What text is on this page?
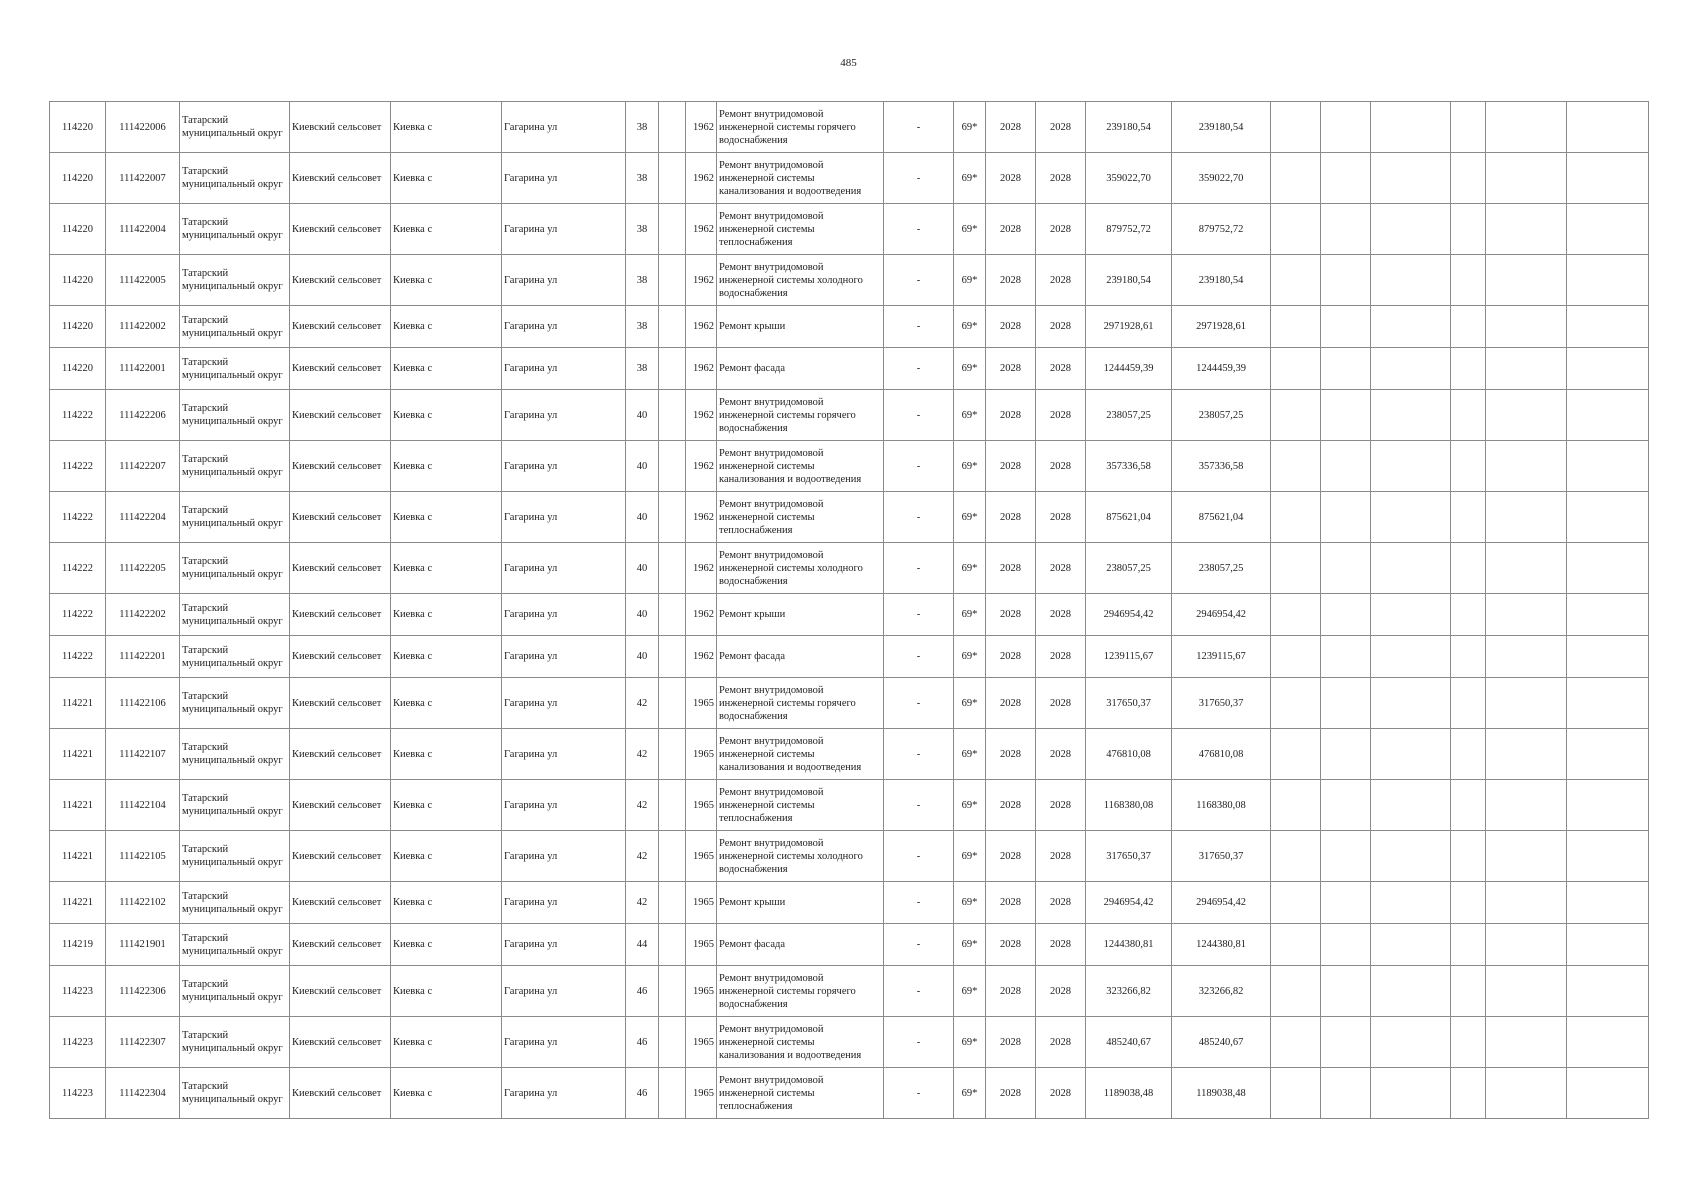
485
114220	111422006	Татарский муниципальный округ	Киевский сельсовет	Киевка с	Гагарина ул	38		1962	Ремонт внутридомовой инженерной системы горячего водоснабжения	-	69*	2028	2028	239180,54	239180,54						
114220	111422007	Татарский муниципальный округ	Киевский сельсовет	Киевка с	Гагарина ул	38		1962	Ремонт внутридомовой инженерной системы канализования и водоотведения	-	69*	2028	2028	359022,70	359022,70						
114220	111422004	Татарский муниципальный округ	Киевский сельсовет	Киевка с	Гагарина ул	38		1962	Ремонт внутридомовой инженерной системы теплоснабжения	-	69*	2028	2028	879752,72	879752,72						
114220	111422005	Татарский муниципальный округ	Киевский сельсовет	Киевка с	Гагарина ул	38		1962	Ремонт внутридомовой инженерной системы холодного водоснабжения	-	69*	2028	2028	239180,54	239180,54						
114220	111422002	Татарский муниципальный округ	Киевский сельсовет	Киевка с	Гагарина ул	38		1962	Ремонт крыши	-	69*	2028	2028	2971928,61	2971928,61						
114220	111422001	Татарский муниципальный округ	Киевский сельсовет	Киевка с	Гагарина ул	38		1962	Ремонт фасада	-	69*	2028	2028	1244459,39	1244459,39						
114222	111422206	Татарский муниципальный округ	Киевский сельсовет	Киевка с	Гагарина ул	40		1962	Ремонт внутридомовой инженерной системы горячего водоснабжения	-	69*	2028	2028	238057,25	238057,25						
114222	111422207	Татарский муниципальный округ	Киевский сельсовет	Киевка с	Гагарина ул	40		1962	Ремонт внутридомовой инженерной системы канализования и водоотведения	-	69*	2028	2028	357336,58	357336,58						
114222	111422204	Татарский муниципальный округ	Киевский сельсовет	Киевка с	Гагарина ул	40		1962	Ремонт внутридомовой инженерной системы теплоснабжения	-	69*	2028	2028	875621,04	875621,04						
114222	111422205	Татарский муниципальный округ	Киевский сельсовет	Киевка с	Гагарина ул	40		1962	Ремонт внутридомовой инженерной системы холодного водоснабжения	-	69*	2028	2028	238057,25	238057,25						
114222	111422202	Татарский муниципальный округ	Киевский сельсовет	Киевка с	Гагарина ул	40		1962	Ремонт крыши	-	69*	2028	2028	2946954,42	2946954,42						
114222	111422201	Татарский муниципальный округ	Киевский сельсовет	Киевка с	Гагарина ул	40		1962	Ремонт фасада	-	69*	2028	2028	1239115,67	1239115,67						
114221	111422106	Татарский муниципальный округ	Киевский сельсовет	Киевка с	Гагарина ул	42		1965	Ремонт внутридомовой инженерной системы горячего водоснабжения	-	69*	2028	2028	317650,37	317650,37						
114221	111422107	Татарский муниципальный округ	Киевский сельсовет	Киевка с	Гагарина ул	42		1965	Ремонт внутридомовой инженерной системы канализования и водоотведения	-	69*	2028	2028	476810,08	476810,08						
114221	111422104	Татарский муниципальный округ	Киевский сельсовет	Киевка с	Гагарина ул	42		1965	Ремонт внутридомовой инженерной системы теплоснабжения	-	69*	2028	2028	1168380,08	1168380,08						
114221	111422105	Татарский муниципальный округ	Киевский сельсовет	Киевка с	Гагарина ул	42		1965	Ремонт внутридомовой инженерной системы холодного водоснабжения	-	69*	2028	2028	317650,37	317650,37						
114221	111422102	Татарский муниципальный округ	Киевский сельсовет	Киевка с	Гагарина ул	42		1965	Ремонт крыши	-	69*	2028	2028	2946954,42	2946954,42						
114219	111421901	Татарский муниципальный округ	Киевский сельсовет	Киевка с	Гагарина ул	44		1965	Ремонт фасада	-	69*	2028	2028	1244380,81	1244380,81						
114223	111422306	Татарский муниципальный округ	Киевский сельсовет	Киевка с	Гагарина ул	46		1965	Ремонт внутридомовой инженерной системы горячего водоснабжения	-	69*	2028	2028	323266,82	323266,82						
114223	111422307	Татарский муниципальный округ	Киевский сельсовет	Киевка с	Гагарина ул	46		1965	Ремонт внутридомовой инженерной системы канализования и водоотведения	-	69*	2028	2028	485240,67	485240,67						
114223	111422304	Татарский муниципальный округ	Киевский сельсовет	Киевка с	Гагарина ул	46		1965	Ремонт внутридомовой инженерной системы теплоснабжения	-	69*	2028	2028	1189038,48	1189038,48						
